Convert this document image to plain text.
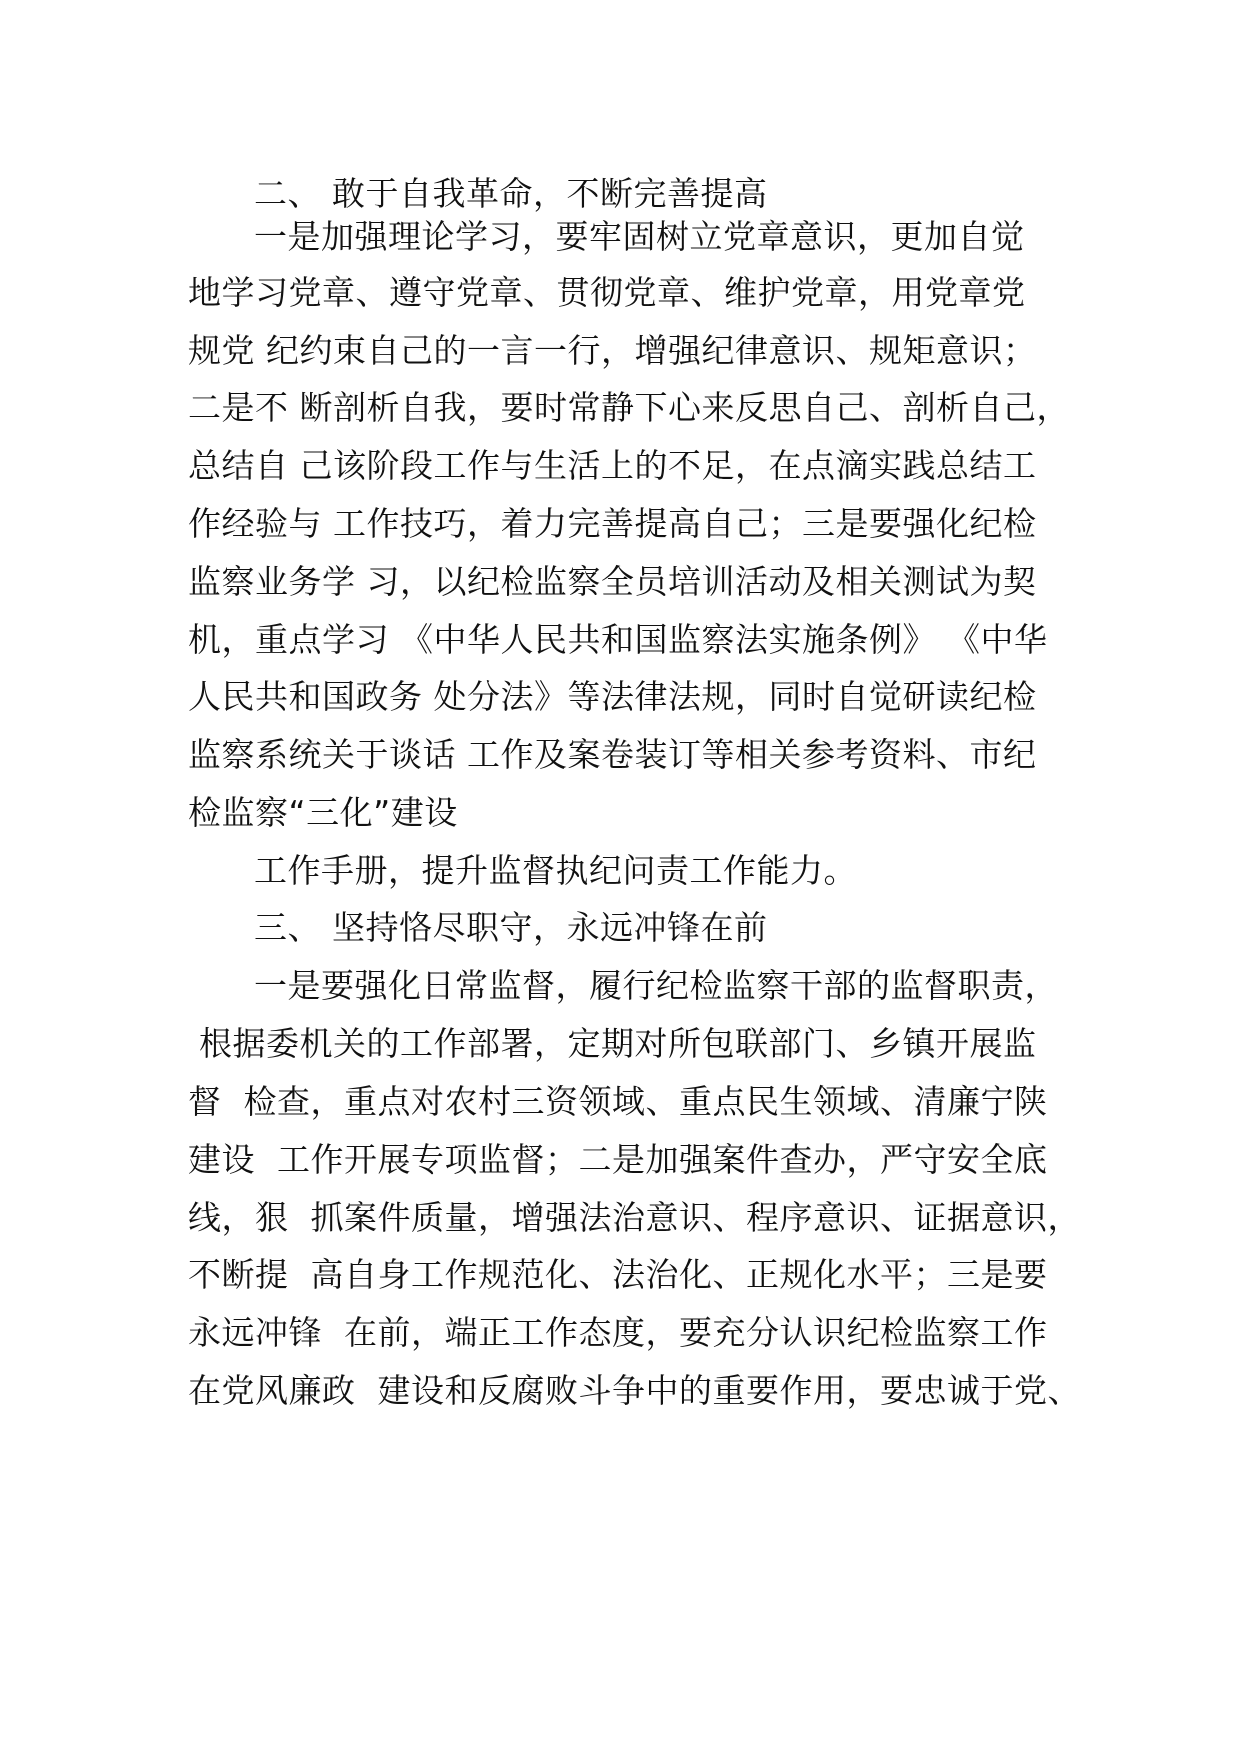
二、 敢于自我革命，不断完善提高
一是加强理论学习，要牢固树立党章意识，更加自觉
地学习党章、遵守党章、贯彻党章、维护党章，用党章党
规党 纪约束自己的一言一行，增强纪律意识、规矩意识；
二是不 断剖析自我，要时常静下心来反思自己、剖析自己，
总结自 己该阶段工作与生活上的不足，在点滴实践总结工
作经验与 工作技巧，着力完善提高自己；三是要强化纪检
监察业务学 习，以纪检监察全员培训活动及相关测试为契
机，重点学习 《中华人民共和国监察法实施条例》 《中华
人民共和国政务 处分法》等法律法规，同时自觉研读纪检
监察系统关于谈话 工作及案卷装订等相关参考资料、市纪
检监察“三化”建设
工作手册，提升监督执纪问责工作能力。
三、 坚持恪尽职守，永远冲锋在前
一是要强化日常监督，履行纪检监察干部的监督职责，
根据委机关的工作部署，定期对所包联部门、乡镇开展监
督  检查，重点对农村三资领域、重点民生领域、清廉宁陕
建设  工作开展专项监督；二是加强案件查办，严守安全底
线，狠  抓案件质量，增强法治意识、程序意识、证据意识，
不断提  高自身工作规范化、法治化、正规化水平；三是要
永远冲锋  在前，端正工作态度，要充分认识纪检监察工作
在党风廉政  建设和反腐败斗争中的重要作用，要忠诚于党、
